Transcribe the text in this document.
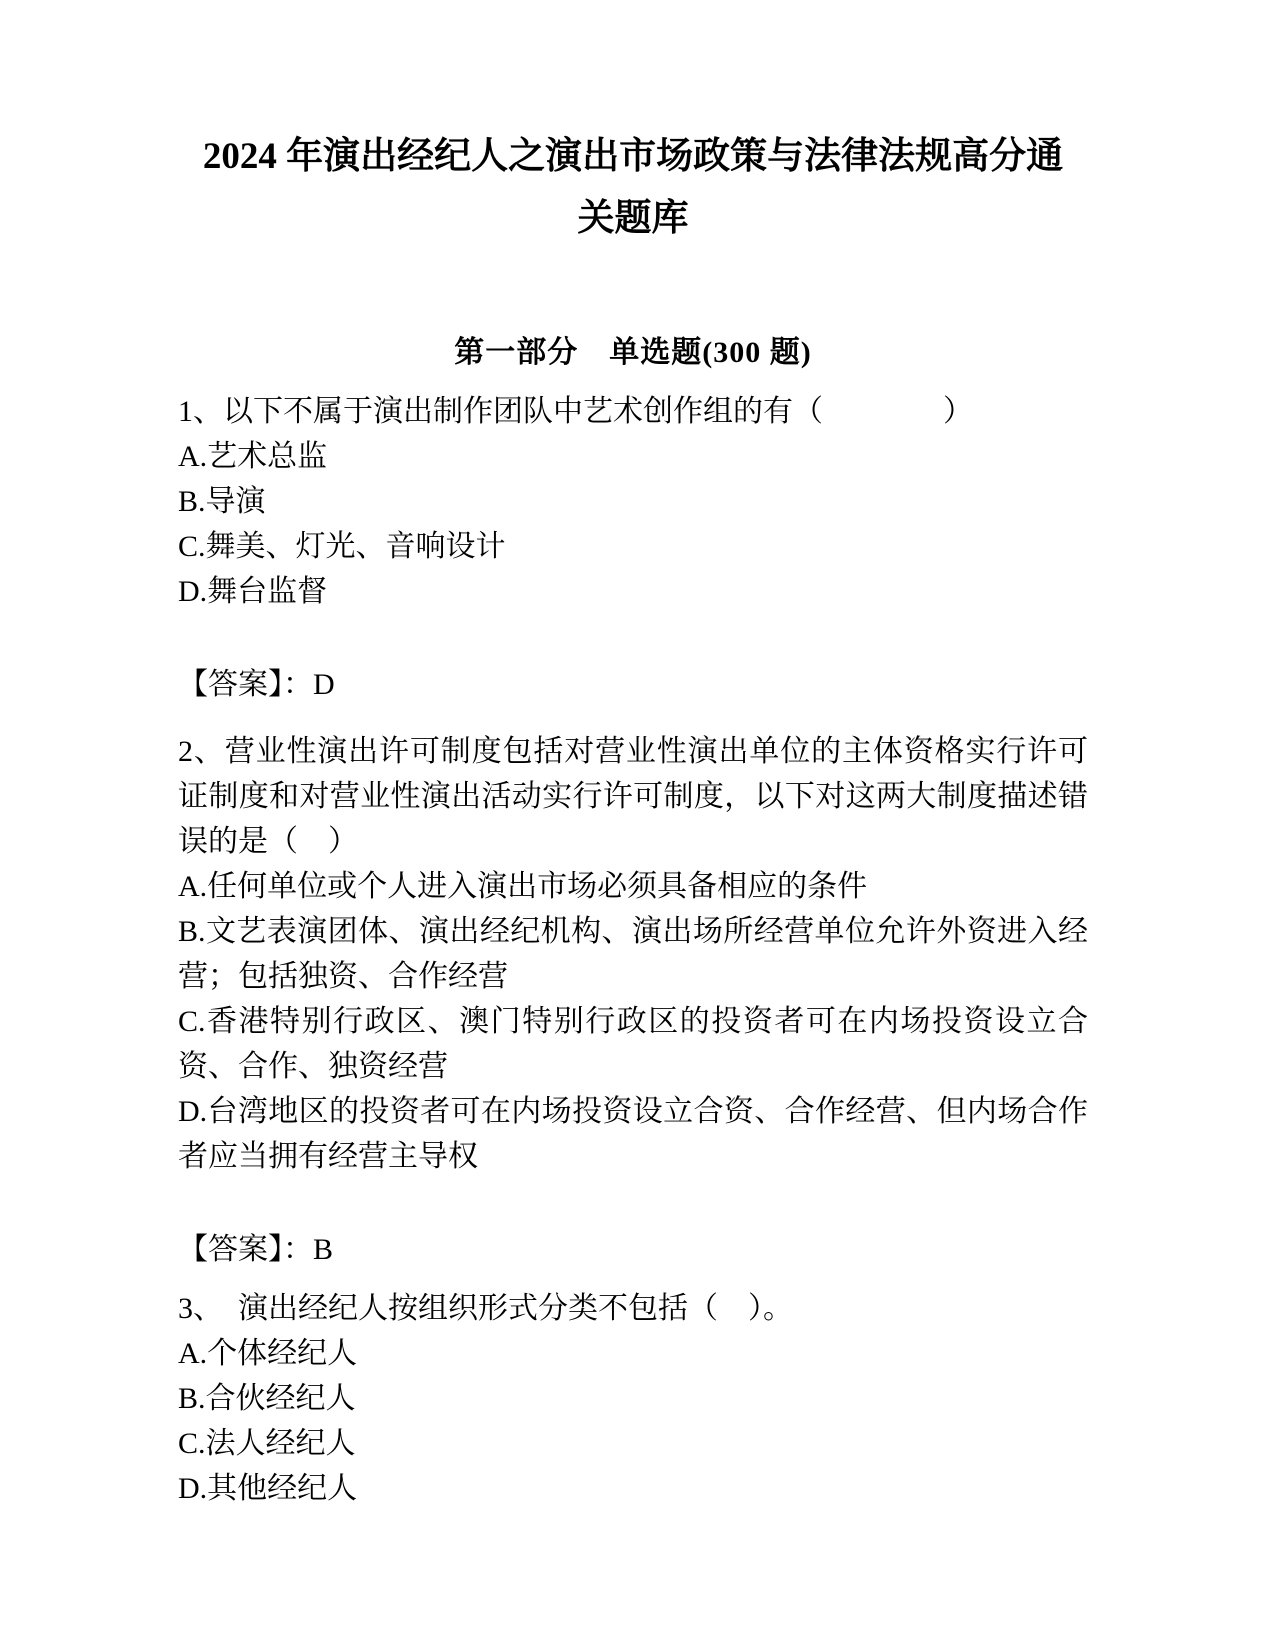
2024 年演出经纪人之演出市场政策与法律法规高分通
关题库
第一部分　单选题(300 题)

1、以下不属于演出制作团队中艺术创作组的有（　　　　）

A.艺术总监

B.导演

C.舞美、灯光、音响设计

D.舞台监督

【答案】：D

2、营业性演出许可制度包括对营业性演出单位的主体资格实行许可证制度和对营业性演出活动实行许可制度，以下对这两大制度描述错误的是（　）

A.任何单位或个人进入演出市场必须具备相应的条件

B.文艺表演团体、演出经纪机构、演出场所经营单位允许外资进入经营；包括独资、合作经营

C.香港特别行政区、澳门特别行政区的投资者可在内场投资设立合资、合作、独资经营

D.台湾地区的投资者可在内场投资设立合资、合作经营、但内场合作者应当拥有经营主导权

【答案】：B

3、　演出经纪人按组织形式分类不包括（　）。

A.个体经纪人

B.合伙经纪人

C.法人经纪人

D.其他经纪人
